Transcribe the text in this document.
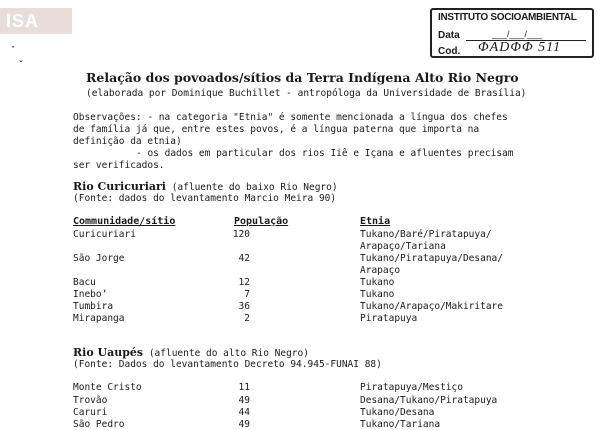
ISA	INSTITUTO SOCIOAMBIENTAL
Data	___/___/___
Cod. ΦADΦΦ 511
·
ˇ
Relação dos povoados/sítios da Terra Indígena Alto Rio Negro
(elaborada por Dominique Buchillet - antropóloga da Universidade de Brasília)
Observações: - na categoria "Etnia" é somente mencionada a língua dos chefes
de família já que, entre estes povos, é a língua paterna que importa na
definição da etnia)
- os dados em particular dos rios Iiê e Içana e afluentes precisam
ser verificados.
Rio Curicuriari (afluente do baixo Rio Negro)
(Fonte: dados do levantamento Marcio Meira 90)
Communidade/sítio	População	Etnia
Curicuriari	120	Tukano/Baré/Piratapuya/
Arapaço/Tariana
São Jorge	42	Tukano/Piratapuya/Desana/
Arapaço
Bacu	12	Tukano
Ineboʼ	7	Tukano
Tumbira	36	Tukano/Arapaço/Makiritare
Mirapanga	2	Piratapuya
Rio Uaupés (afluente do alto Rio Negro)
(Fonte: Dados do levantamento Decreto 94.945-FUNAI 88)
Monte Cristo	11	Piratapuya/Mestiço
Trovão	49	Desana/Tukano/Piratapuya
Caruri	44	Tukano/Desana
São Pedro	49	Tukano/Tariana
